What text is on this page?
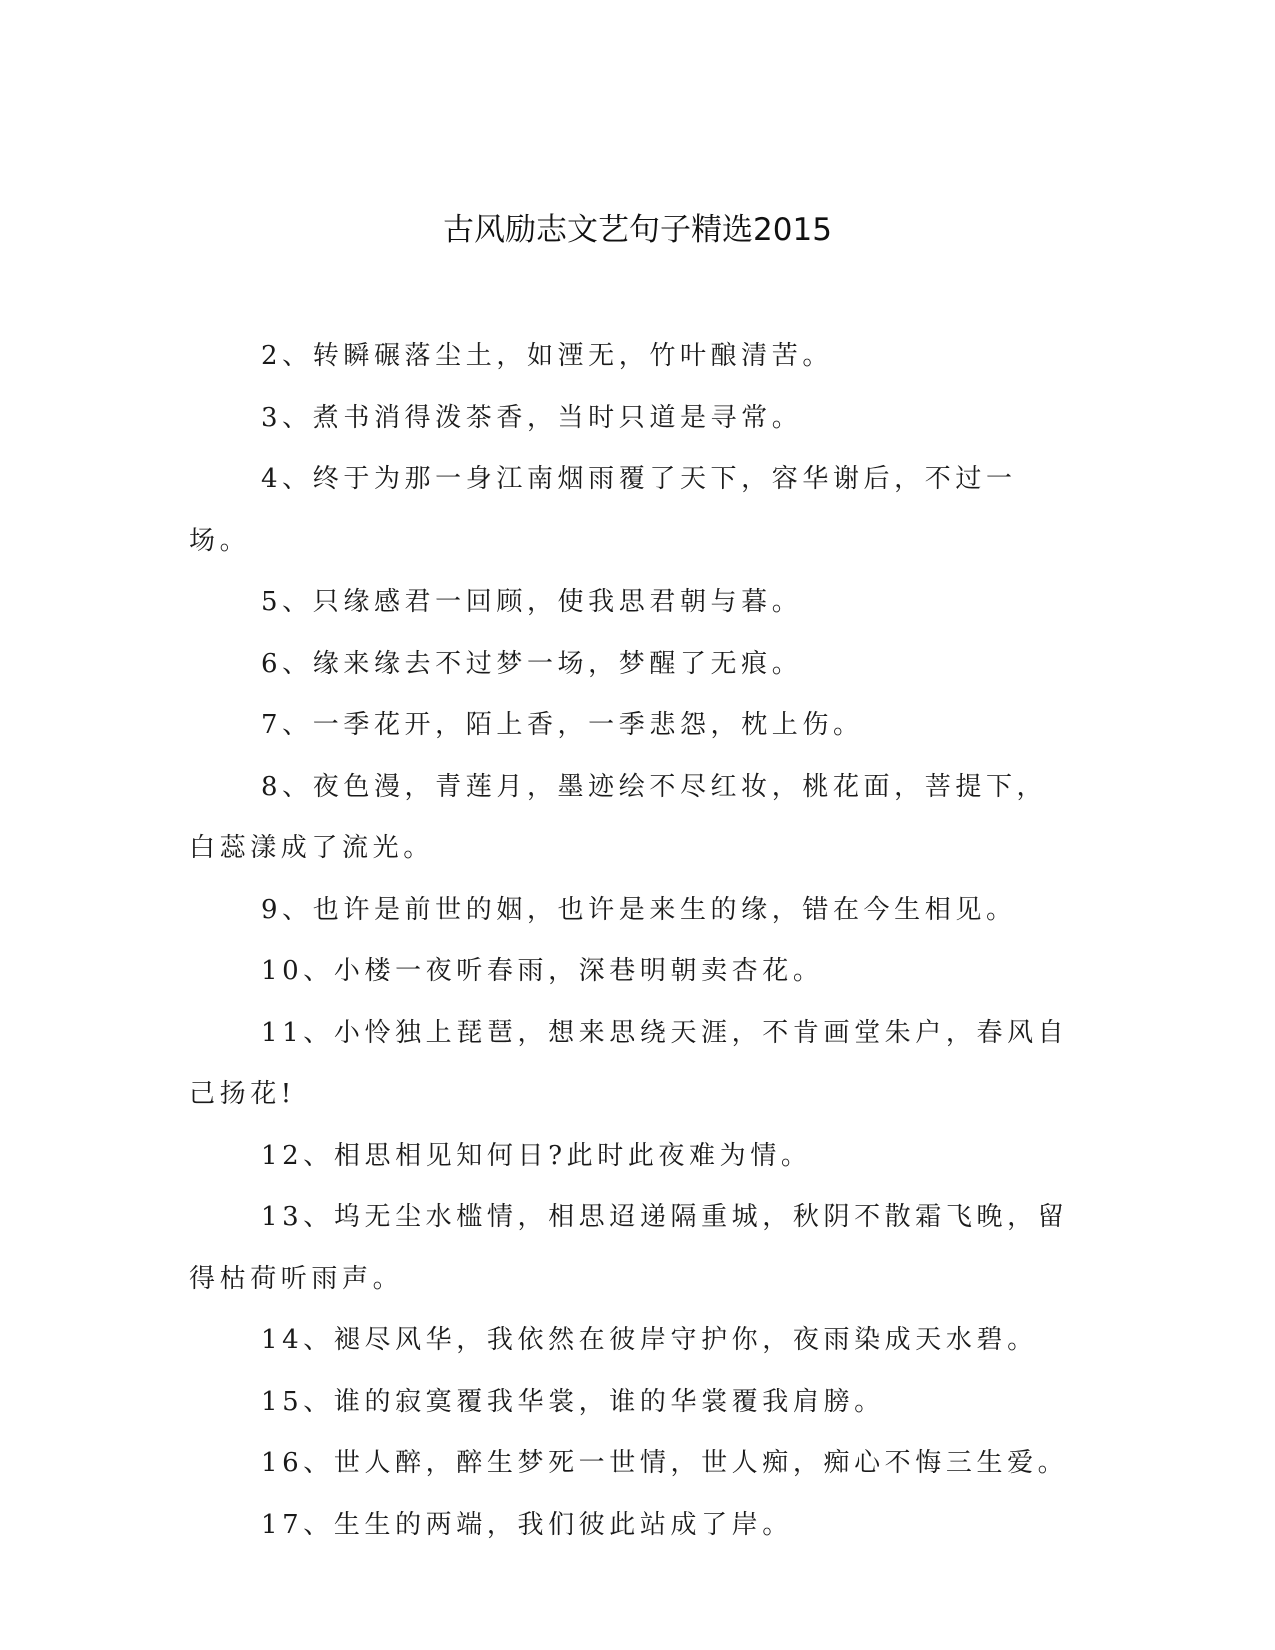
古风励志文艺句子精选2015

2、转瞬碾落尘土，如湮无，竹叶酿清苦。

3、煮书消得泼茶香，当时只道是寻常。

4、终于为那一身江南烟雨覆了天下，容华谢后，不过一场。

5、只缘感君一回顾，使我思君朝与暮。

6、缘来缘去不过梦一场，梦醒了无痕。

7、一季花开，陌上香，一季悲怨，枕上伤。

8、夜色漫，青莲月，墨迹绘不尽红妆，桃花面，菩提下，白蕊漾成了流光。

9、也许是前世的姻，也许是来生的缘，错在今生相见。

10、小楼一夜听春雨，深巷明朝卖杏花。

11、小怜独上琵琶，想来思绕天涯，不肯画堂朱户，春风自己扬花!

12、相思相见知何日?此时此夜难为情。

13、坞无尘水槛情，相思迢递隔重城，秋阴不散霜飞晚，留得枯荷听雨声。

14、褪尽风华，我依然在彼岸守护你，夜雨染成天水碧。

15、谁的寂寞覆我华裳，谁的华裳覆我肩膀。

16、世人醉，醉生梦死一世情，世人痴，痴心不悔三生爱。

17、生生的两端，我们彼此站成了岸。
